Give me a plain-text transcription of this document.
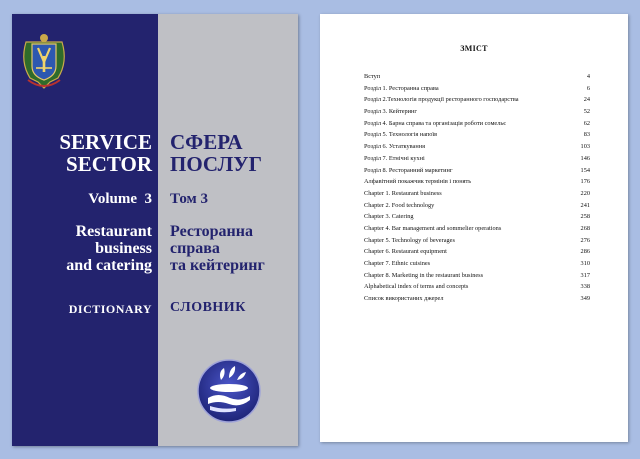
SERVICE
SECTOR
Volume  3
Restaurant
business
and catering
DICTIONARY
СФЕРА
ПОСЛУГ
Том 3
Ресторанна
справа
та кейтеринг
СЛОВНИК
ЗМІСТ
Вступ	4
Розділ 1. Ресторанна справа	6
Розділ 2.Технологія продукції ресторанного господарства	24
Розділ 3. Кейтеринг	52
Розділ 4. Барна справа та організація роботи сомельє	62
Розділ 5. Технологія напоїв	83
Розділ 6. Устаткування	103
Розділ 7. Етнічні кухні	146
Розділ 8. Ресторанний маркетинг	154
Алфавітний покажчик термінів і понять	176
Chapter 1. Restaurant business	220
Chapter 2. Food technology	241
Chapter 3. Catering	258
Chapter 4. Bar management and sommelier operations	268
Chapter 5. Technology of beverages	276
Chapter 6. Restaurant equipment	286
Chapter 7. Ethnic cuisines	310
Chapter 8. Marketing in the restaurant business	317
Alphabetical index of terms and concepts	338
Список використаних джерел	349
